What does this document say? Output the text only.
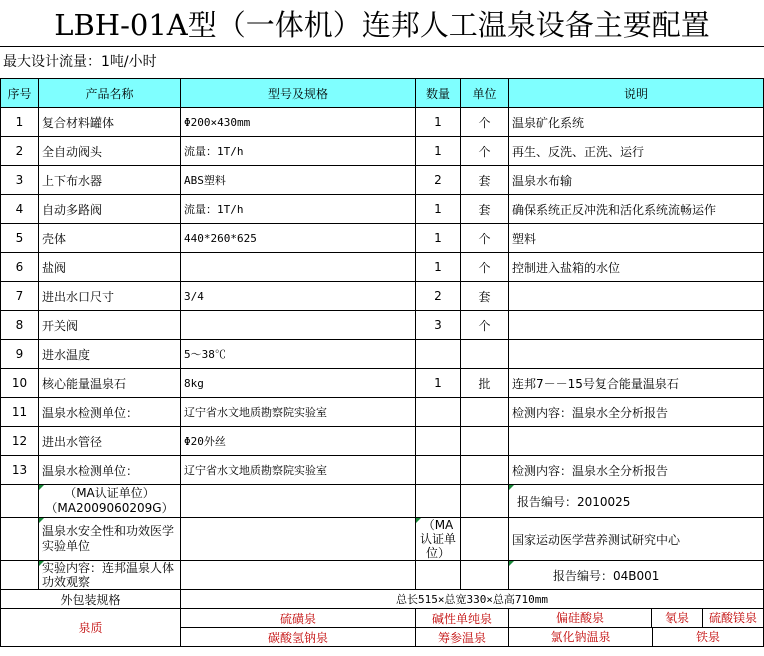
LBH-01A型（一体机）连邦人工温泉设备主要配置
最大设计流量：1吨/小时
序号	产品名称	型号及规格	数量	单位	说明
1	复合材料罐体	Φ200×430mm	1	个	温泉矿化系统
2	全自动阀头	流量：1T/h	1	个	再生、反洗、正洗、运行
3	上下布水器	ABS塑料	2	套	温泉水布输
4	自动多路阀	流量：1T/h	1	套	确保系统正反冲洗和活化系统流畅运作
5	壳体	440*260*625	1	个	塑料
6	盐阀		1	个	控制进入盐箱的水位
7	进出水口尺寸	3/4	2	套	
8	开关阀		3	个	
9	进水温度	5～38℃			
10	核心能量温泉石	8kg	1	批	连邦7－－15号复合能量温泉石
11	温泉水检测单位：	辽宁省水文地质勘察院实验室			检测内容：温泉水全分析报告
12	进出水管径	Φ20外丝			
13	温泉水检测单位：	辽宁省水文地质勘察院实验室			检测内容：温泉水全分析报告
	（MA认证单位）（MA2009060209G）				报告编号：2010025
	温泉水安全性和功效医学实验单位		（MA认证单位）		国家运动医学营养测试研究中心
	实验内容：连邦温泉人体功效观察				报告编号：04B001
外包装规格		总长515×总宽330×总高710mm			
泉质		硫磺泉	碱性单纯泉		偏硅酸泉 氡泉 硫酸镁泉

		碳酸氢钠泉	筹参温泉		氯化钠温泉 铁泉
